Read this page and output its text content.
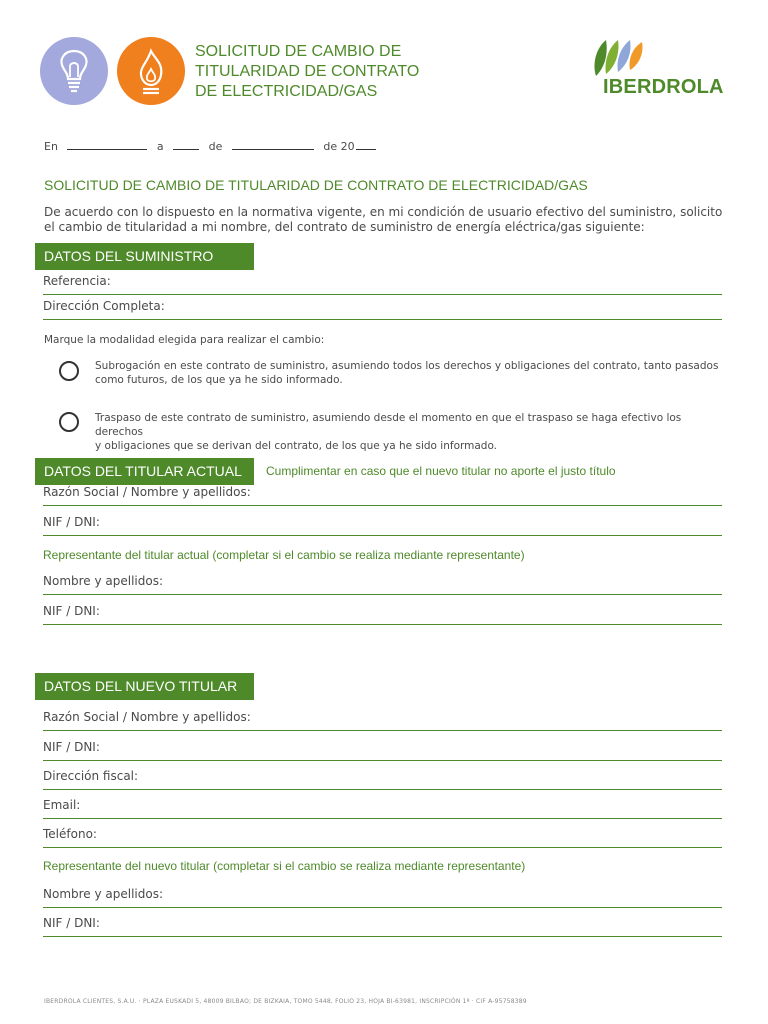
SOLICITUD DE CAMBIO DE
TITULARIDAD DE CONTRATO
DE ELECTRICIDAD/GAS	IBERDROLA
En	a	de	de 20
SOLICITUD DE CAMBIO DE TITULARIDAD DE CONTRATO DE ELECTRICIDAD/GAS
De acuerdo con lo dispuesto en la normativa vigente, en mi condición de usuario efectivo del suministro, solicito
el cambio de titularidad a mi nombre, del contrato de suministro de energía eléctrica/gas siguiente:
DATOS DEL SUMINISTRO
Referencia:
Dirección Completa:
Marque la modalidad elegida para realizar el cambio:
Subrogación en este contrato de suministro, asumiendo todos los derechos y obligaciones del contrato, tanto pasados
como futuros, de los que ya he sido informado.
Traspaso de este contrato de suministro, asumiendo desde el momento en que el traspaso se haga efectivo los derechos
y obligaciones que se derivan del contrato, de los que ya he sido informado.
DATOS DEL TITULAR ACTUAL	Cumplimentar en caso que el nuevo titular no aporte el justo título
Razón Social / Nombre y apellidos:
NIF / DNI:
Representante del titular actual (completar si el cambio se realiza mediante representante)
Nombre y apellidos:
NIF / DNI:
DATOS DEL NUEVO TITULAR
Razón Social / Nombre y apellidos:
NIF / DNI:
Dirección fiscal:
Email:
Teléfono:
Representante del nuevo titular (completar si el cambio se realiza mediante representante)
Nombre y apellidos:
NIF / DNI:
IBERDROLA CLIENTES, S.A.U. · PLAZA EUSKADI 5, 48009 BILBAO; DE BIZKAIA, TOMO 5448, FOLIO 23, HOJA BI-63981, INSCRIPCIÓN 1ª · CIF A-95758389
